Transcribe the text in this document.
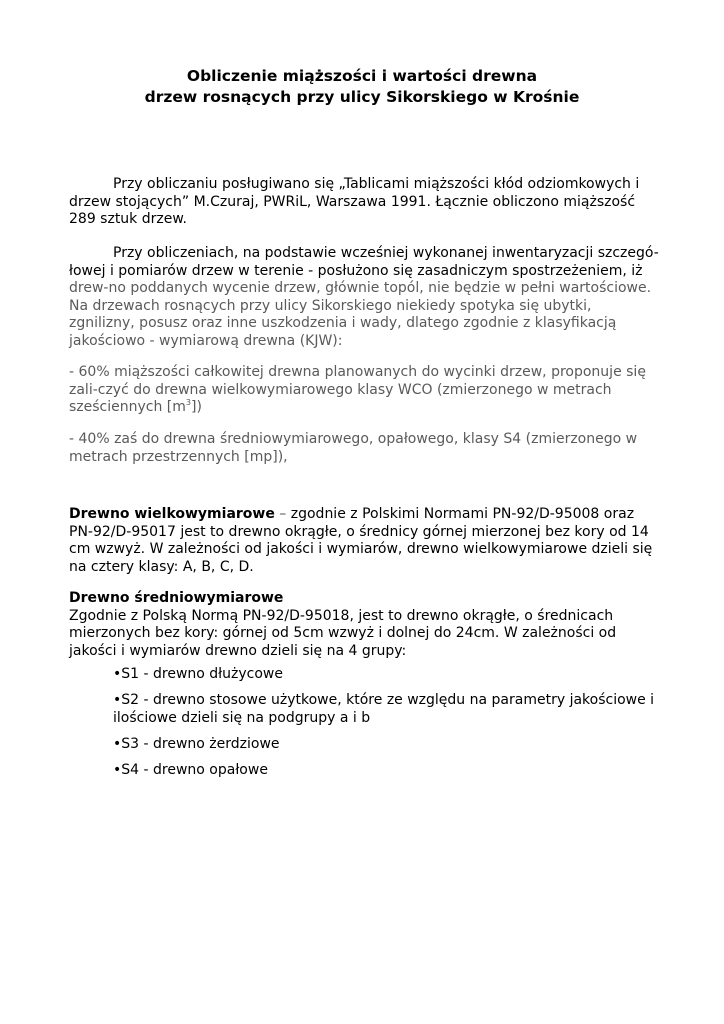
Obliczenie miąższości i wartości drewna
drzew rosnących przy ulicy Sikorskiego w Krośnie
Przy obliczaniu posługiwano się „Tablicami miąższości kłód odziomkowych i drzew stojących” M.Czuraj, PWRiL, Warszawa 1991. Łącznie obliczono miąższość 289 sztuk drzew.
Przy obliczeniach, na podstawie wcześniej wykonanej inwentaryzacji szczegó-łowej i pomiarów drzew w terenie - posłużono się zasadniczym spostrzeżeniem, iż drew-no poddanych wycenie drzew, głównie topól, nie będzie w pełni wartościowe. Na drzewach rosnących przy ulicy Sikorskiego niekiedy spotyka się ubytki, zgnilizny, posusz oraz inne uszkodzenia i wady, dlatego zgodnie z klasyfikacją jakościowo - wymiarową drewna (KJW):
- 60% miąższości całkowitej drewna planowanych do wycinki drzew, proponuje się zali-czyć do drewna wielkowymiarowego klasy WCO (zmierzonego w metrach sześciennych $[m^3]$)
- 40% zaś do drewna średniowymiarowego, opałowego, klasy S4 (zmierzonego w metrach przestrzennych [mp]),
Drewno wielkowymiarowe – zgodnie z Polskimi Normami PN-92/D-95008 oraz PN-92/D-95017 jest to drewno okrągłe, o średnicy górnej mierzonej bez kory od 14 cm wzwyż. W zależności od jakości i wymiarów, drewno wielkowymiarowe dzieli się na cztery klasy: A, B, C, D.
Drewno średniowymiarowe
Zgodnie z Polską Normą PN-92/D-95018, jest to drewno okrągłe, o średnicach mierzonych bez kory: górnej od 5cm wzwyż i dolnej do 24cm. W zależności od jakości i wymiarów drewno dzieli się na 4 grupy:
•S1 - drewno dłużycowe
•S2 - drewno stosowe użytkowe, które ze względu na parametry jakościowe i ilościowe dzieli się na podgrupy a i b
•S3 - drewno żerdziowe
•S4 - drewno opałowe
